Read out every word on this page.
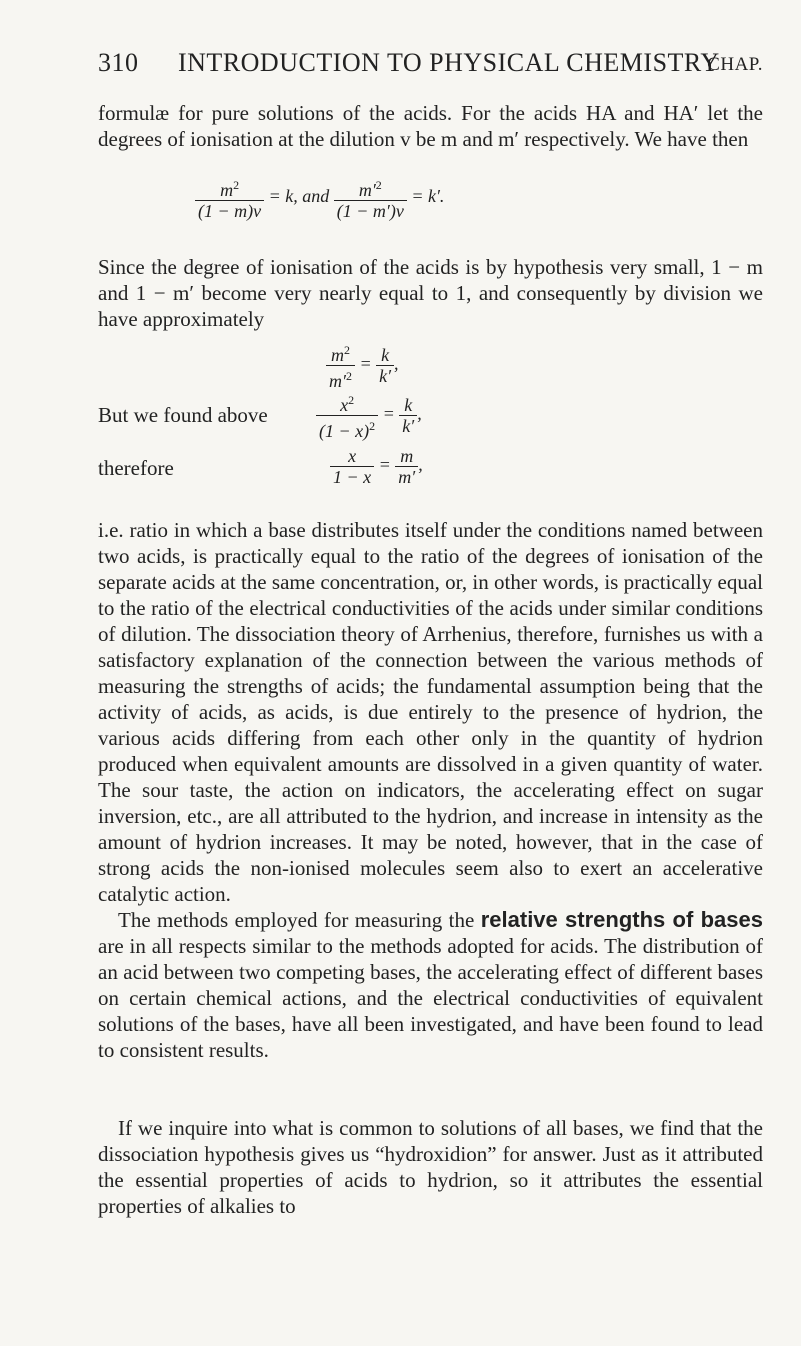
310 INTRODUCTION TO PHYSICAL CHEMISTRY
CHAP.

formulæ for pure solutions of the acids. For the acids HA and HA′ let the degrees of ionisation at the dilution v be m and m′ respectively. We have then

$\frac{m^2}{(1 - m)v} = k$, and $\frac{m'^2}{(1 - m')v} = k'$.

Since the degree of ionisation of the acids is by hypothesis very small, 1 − m and 1 − m′ become very nearly equal to 1, and consequently by division we have approximately

$\frac{m^2}{m'^2} = \frac{k}{k'}$ ,
But we found above	$\frac{x^2}{(1 - x)^2} = \frac{k}{k'}$ ,
therefore	$\frac{x}{1 - x} = \frac{m}{m'}$ ,

i.e. ratio in which a base distributes itself under the conditions named between two acids, is practically equal to the ratio of the degrees of ionisation of the separate acids at the same concentration, or, in other words, is practically equal to the ratio of the electrical conductivities of the acids under similar conditions of dilution. The dissociation theory of Arrhenius, therefore, furnishes us with a satisfactory explanation of the connection between the various methods of measuring the strengths of acids; the fundamental assumption being that the activity of acids, as acids, is due entirely to the presence of hydrion, the various acids differing from each other only in the quantity of hydrion produced when equivalent amounts are dissolved in a given quantity of water. The sour taste, the action on indicators, the accelerating effect on sugar inversion, etc., are all attributed to the hydrion, and increase in intensity as the amount of hydrion increases. It may be noted, however, that in the case of strong acids the non-ionised molecules seem also to exert an accelerative catalytic action.

The methods employed for measuring the relative strengths of bases are in all respects similar to the methods adopted for acids. The distribution of an acid between two competing bases, the accelerating effect of different bases on certain chemical actions, and the electrical conductivities of equivalent solutions of the bases, have all been investigated, and have been found to lead to consistent results.

If we inquire into what is common to solutions of all bases, we find that the dissociation hypothesis gives us “hydroxidion” for answer. Just as it attributed the essential properties of acids to hydrion, so it attributes the essential properties of alkalies to
